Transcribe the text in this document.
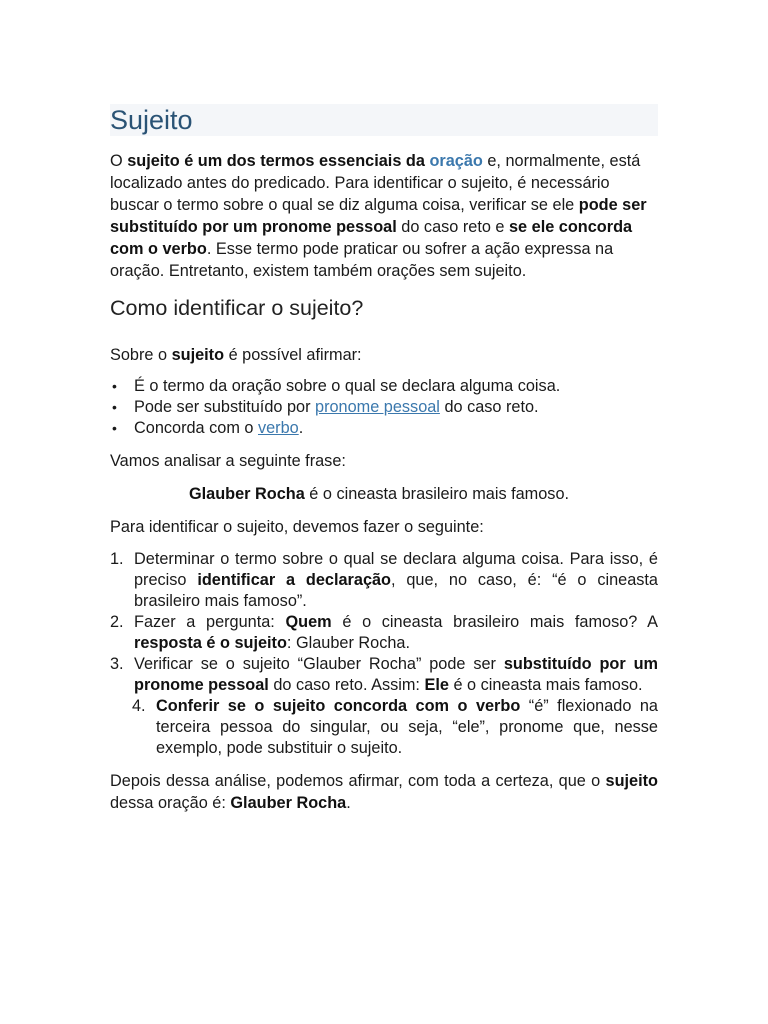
Sujeito

O sujeito é um dos termos essenciais da oração e, normalmente, está localizado antes do predicado. Para identificar o sujeito, é necessário buscar o termo sobre o qual se diz alguma coisa, verificar se ele pode ser substituído por um pronome pessoal do caso reto e se ele concorda com o verbo. Esse termo pode praticar ou sofrer a ação expressa na oração. Entretanto, existem também orações sem sujeito.

Como identificar o sujeito?

Sobre o sujeito é possível afirmar:

• É o termo da oração sobre o qual se declara alguma coisa.
• Pode ser substituído por pronome pessoal do caso reto.
• Concorda com o verbo.

Vamos analisar a seguinte frase:

Glauber Rocha é o cineasta brasileiro mais famoso.

Para identificar o sujeito, devemos fazer o seguinte:

1. Determinar o termo sobre o qual se declara alguma coisa. Para isso, é preciso identificar a declaração, que, no caso, é: “é o cineasta brasileiro mais famoso”.
2. Fazer a pergunta: Quem é o cineasta brasileiro mais famoso? A resposta é o sujeito: Glauber Rocha.
3. Verificar se o sujeito “Glauber Rocha” pode ser substituído por um pronome pessoal do caso reto. Assim: Ele é o cineasta mais famoso.
4. Conferir se o sujeito concorda com o verbo “é” flexionado na terceira pessoa do singular, ou seja, “ele”, pronome que, nesse exemplo, pode substituir o sujeito.

Depois dessa análise, podemos afirmar, com toda a certeza, que o sujeito dessa oração é: Glauber Rocha.
